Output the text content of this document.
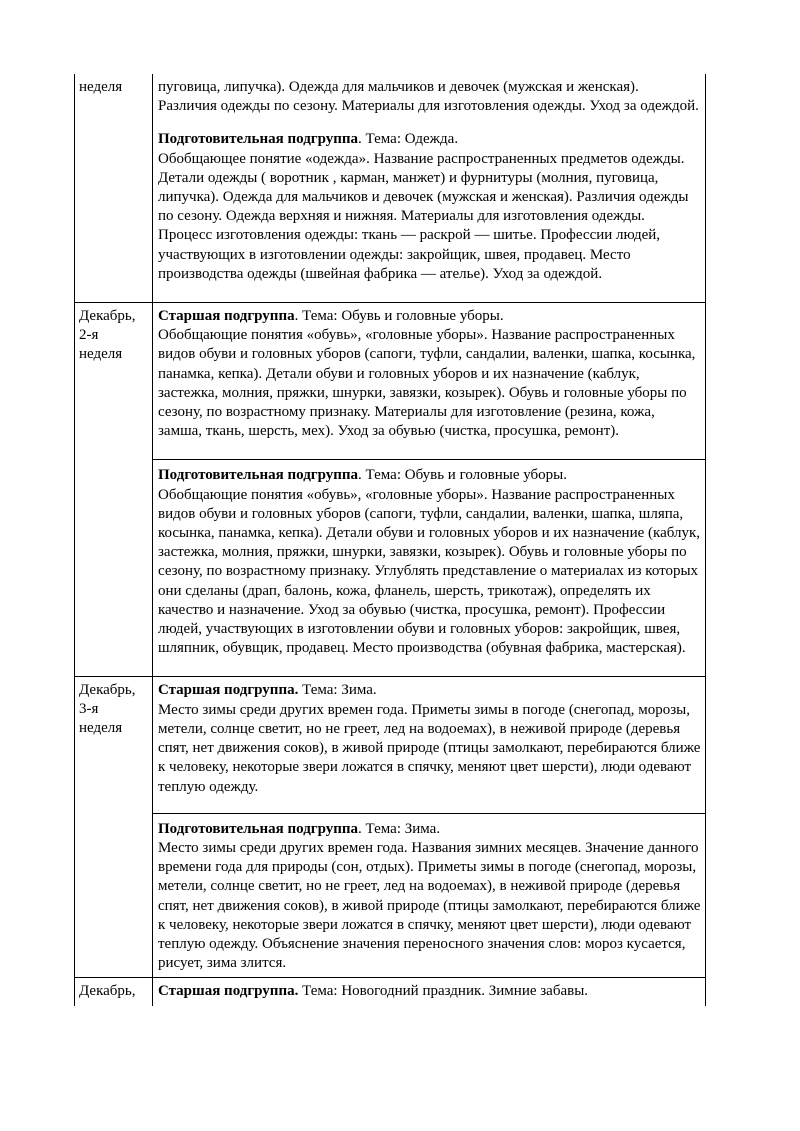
неделя	пуговица, липучка). Одежда для мальчиков и девочек (мужская и женская). Различия одежды по сезону. Материалы для изготовления одежды. Уход за одеждой.
Подготовительная подгруппа. Тема: Одежда.
Обобщающее понятие «одежда». Название распространенных предметов одежды. Детали одежды ( воротник , карман, манжет) и фурнитуры (молния, пуговица, липучка). Одежда для мальчиков и девочек (мужская и женская). Различия одежды по сезону. Одежда верхняя и нижняя. Материалы для изготовления одежды. Процесс изготовления одежды: ткань — раскрой — шитье. Профессии людей, участвующих в изготовлении одежды: закройщик, швея, продавец. Место производства одежды (швейная фабрика — ателье). Уход за одеждой.
Декабрь,
2-я
неделя
Старшая подгруппа. Тема: Обувь и головные уборы.
Обобщающие понятия «обувь», «головные уборы». Название распространенных видов обуви и головных уборов (сапоги, туфли, сандалии, валенки, шапка, косынка, панамка, кепка). Детали обуви и головных уборов и их назначение (каблук, застежка, молния, пряжки, шнурки, завязки, козырек). Обувь и головные уборы по сезону, по возрастному признаку. Материалы для изготовление (резина, кожа, замша, ткань, шерсть, мех). Уход за обувью (чистка, просушка, ремонт).
Подготовительная подгруппа. Тема: Обувь и головные уборы.
Обобщающие понятия «обувь», «головные уборы». Название распространенных видов обуви и головных уборов (сапоги, туфли, сандалии, валенки, шапка, шляпа, косынка, панамка, кепка). Детали обуви и головных уборов и их назначение (каблук, застежка, молния, пряжки, шнурки, завязки, козырек). Обувь и головные уборы по сезону, по возрастному признаку. Углублять представление о материалах из которых они сделаны (драп, балонь, кожа, фланель, шерсть, трикотаж), определять их качество и назначение. Уход за обувью (чистка, просушка, ремонт). Профессии людей, участвующих в изготовлении обуви и головных уборов: закройщик, швея, шляпник, обувщик, продавец. Место производства (обувная фабрика, мастерская).
Декабрь,
3-я
неделя
Старшая подгруппа. Тема: Зима.
Место зимы среди других времен года. Приметы зимы в погоде (снегопад, морозы, метели, солнце светит, но не греет, лед на водоемах), в неживой природе (деревья спят, нет движения соков), в живой природе (птицы замолкают, перебираются ближе к человеку, некоторые звери ложатся в спячку, меняют цвет шерсти), люди одевают теплую одежду.
Подготовительная подгруппа. Тема: Зима.
Место зимы среди других времен года. Названия зимних месяцев. Значение данного времени года для природы (сон, отдых). Приметы зимы в погоде (снегопад, морозы, метели, солнце светит, но не греет, лед на водоемах), в неживой природе (деревья спят, нет движения соков), в живой природе (птицы замолкают, перебираются ближе к человеку, некоторые звери ложатся в спячку, меняют цвет шерсти), люди одевают теплую одежду. Объяснение значения переносного значения слов: мороз кусается, рисует, зима злится.
Декабрь,	Старшая подгруппа. Тема: Новогодний праздник. Зимние забавы.
